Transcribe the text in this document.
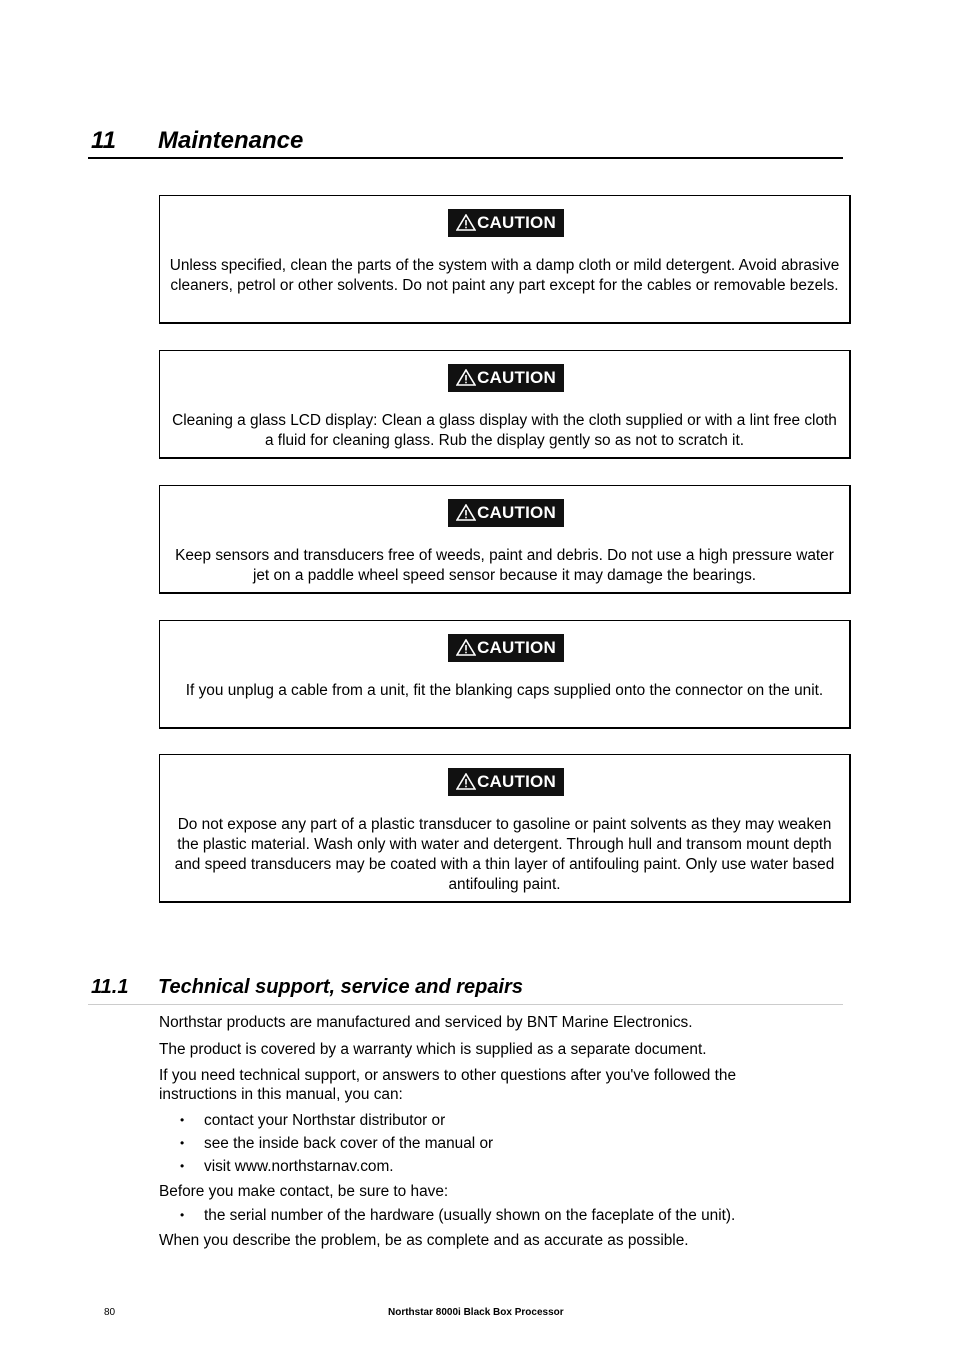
11 Maintenance
CAUTION
Unless specified, clean the parts of the system with a damp cloth or mild detergent. Avoid abrasive cleaners, petrol or other solvents. Do not paint any part except for the cables or removable bezels.
CAUTION
Cleaning a glass LCD display: Clean a glass display with the cloth supplied or with a lint free cloth a fluid for cleaning glass. Rub the display gently so as not to scratch it.
CAUTION
Keep sensors and transducers free of weeds, paint and debris. Do not use a high pressure water jet on a paddle wheel speed sensor because it may damage the bearings.
CAUTION
If you unplug a cable from a unit, fit the blanking caps supplied onto the connector on the unit.
CAUTION
Do not expose any part of a plastic transducer to gasoline or paint solvents as they may weaken the plastic material. Wash only with water and detergent. Through hull and transom mount depth and speed transducers may be coated with a thin layer of antifouling paint. Only use water based antifouling paint.
11.1 Technical support, service and repairs
Northstar products are manufactured and serviced by BNT Marine Electronics.
The product is covered by a warranty which is supplied as a separate document.
If you need technical support, or answers to other questions after you've followed the instructions in this manual, you can:
• contact your Northstar distributor or
• see the inside back cover of the manual or
• visit www.northstarnav.com.
Before you make contact, be sure to have:
• the serial number of the hardware (usually shown on the faceplate of the unit).
When you describe the problem, be as complete and as accurate as possible.
80	Northstar 8000i Black Box Processor
